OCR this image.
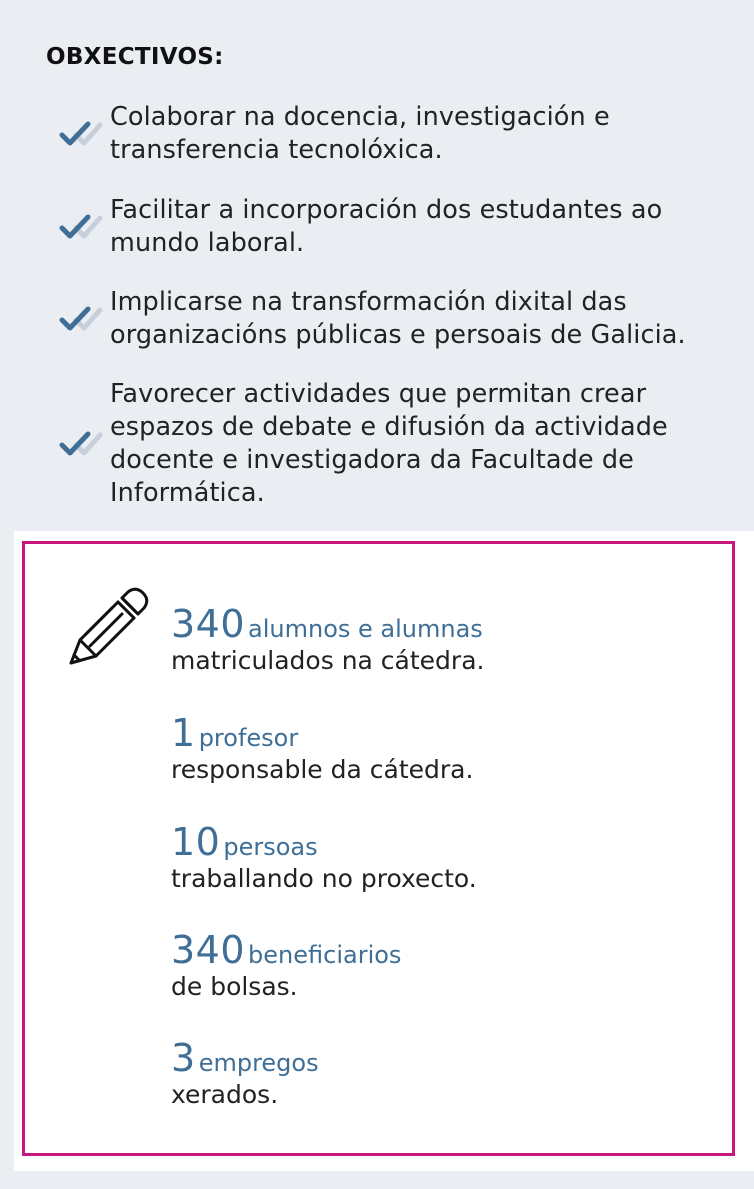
OBXECTIVOS:
Colaborar na docencia, investigación e transferencia tecnolóxica.
Facilitar a incorporación dos estudantes ao mundo laboral.
Implicarse na transformación dixital das organizacións públicas e persoais de Galicia.
Favorecer actividades que permitan crear espazos de debate e difusión da actividade docente e investigadora da Facultade de Informática.
340 alumnos e alumnas
matriculados na cátedra.
1 profesor
responsable da cátedra.
10 persoas
traballando no proxecto.
340 beneficiarios
de bolsas.
3 empregos
xerados.
